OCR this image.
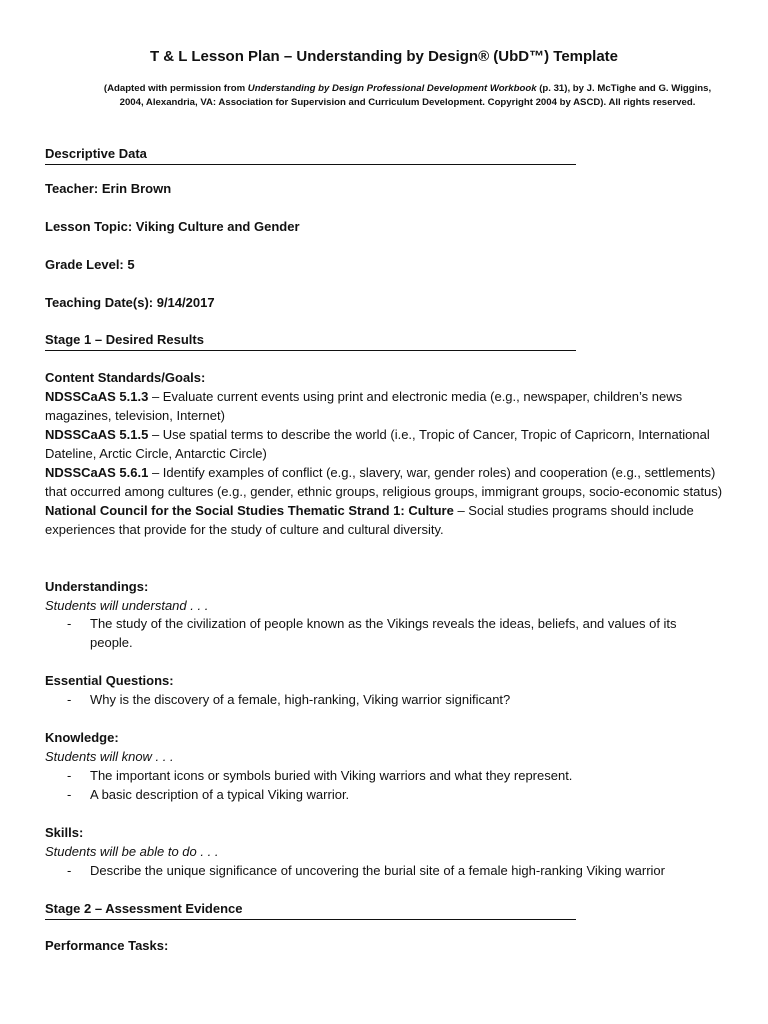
T & L Lesson Plan – Understanding by Design® (UbD™) Template
(Adapted with permission from Understanding by Design Professional Development Workbook (p. 31), by J. McTighe and G. Wiggins, 2004, Alexandria, VA: Association for Supervision and Curriculum Development. Copyright 2004 by ASCD). All rights reserved.
Descriptive Data
Teacher: Erin Brown
Lesson Topic: Viking Culture and Gender
Grade Level: 5
Teaching Date(s): 9/14/2017
Stage 1 – Desired Results
Content Standards/Goals:
NDSSCaAS 5.1.3 – Evaluate current events using print and electronic media (e.g., newspaper, children’s news magazines, television, Internet)
NDSSCaAS 5.1.5 – Use spatial terms to describe the world (i.e., Tropic of Cancer, Tropic of Capricorn, International Dateline, Arctic Circle, Antarctic Circle)
NDSSCaAS 5.6.1 – Identify examples of conflict (e.g., slavery, war, gender roles) and cooperation (e.g., settlements) that occurred among cultures (e.g., gender, ethnic groups, religious groups, immigrant groups, socio-economic status)
National Council for the Social Studies Thematic Strand 1: Culture – Social studies programs should include experiences that provide for the study of culture and cultural diversity.
Understandings:
Students will understand . . .
- The study of the civilization of people known as the Vikings reveals the ideas, beliefs, and values of its people.
Essential Questions:
- Why is the discovery of a female, high-ranking, Viking warrior significant?
Knowledge:
Students will know . . .
- The important icons or symbols buried with Viking warriors and what they represent.
- A basic description of a typical Viking warrior.
Skills:
Students will be able to do . . .
- Describe the unique significance of uncovering the burial site of a female high-ranking Viking warrior
Stage 2 – Assessment Evidence
Performance Tasks:
